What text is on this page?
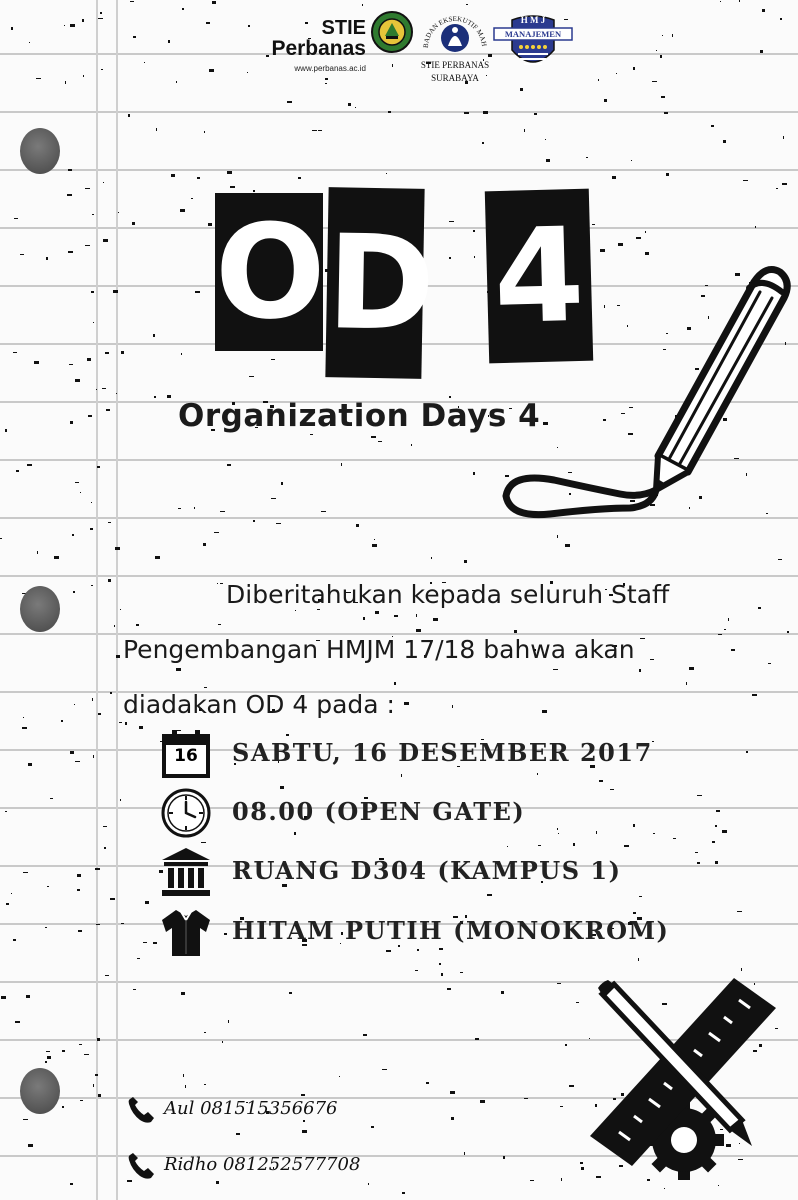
STIE
Perbanas
www.perbanas.ac.id
BADAN EKSEKUTIF MAH
STIE PERBANAS
SURABAYA
H M J
MANAJEMEN
O D 4
Organization Days 4
Diberitahukan kepada seluruh Staff
Pengembangan HMJM 17/18 bahwa akan
diadakan OD 4 pada :
16	SABTU, 16 DESEMBER 2017
08.00 (OPEN GATE)
RUANG D304 (KAMPUS 1)
HITAM PUTIH (MONOKROM)
Aul 081515356676
Ridho 081252577708
